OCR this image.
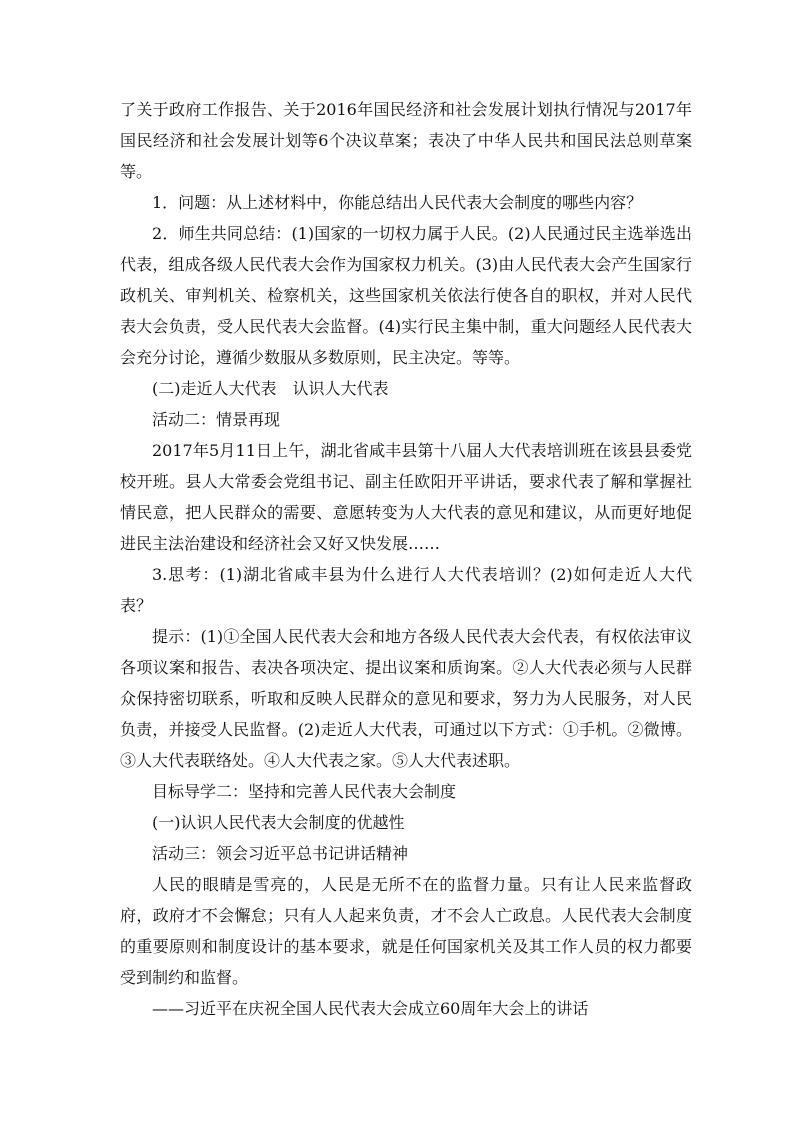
了关于政府工作报告、关于2016年国民经济和社会发展计划执行情况与2017年国民经济和社会发展计划等6个决议草案；表决了中华人民共和国民法总则草案等。

1．问题：从上述材料中，你能总结出人民代表大会制度的哪些内容？

2．师生共同总结：(1)国家的一切权力属于人民。(2)人民通过民主选举选出代表，组成各级人民代表大会作为国家权力机关。(3)由人民代表大会产生国家行政机关、审判机关、检察机关，这些国家机关依法行使各自的职权，并对人民代表大会负责，受人民代表大会监督。(4)实行民主集中制，重大问题经人民代表大会充分讨论，遵循少数服从多数原则，民主决定。等等。

(二)走近人大代表　认识人大代表

活动二：情景再现

2017年5月11日上午，湖北省咸丰县第十八届人大代表培训班在该县县委党校开班。县人大常委会党组书记、副主任欧阳开平讲话，要求代表了解和掌握社情民意，把人民群众的需要、意愿转变为人大代表的意见和建议，从而更好地促进民主法治建设和经济社会又好又快发展……

3.思考：(1)湖北省咸丰县为什么进行人大代表培训？(2)如何走近人大代表？

提示：(1)①全国人民代表大会和地方各级人民代表大会代表，有权依法审议各项议案和报告、表决各项决定、提出议案和质询案。②人大代表必须与人民群众保持密切联系，听取和反映人民群众的意见和要求，努力为人民服务，对人民负责，并接受人民监督。(2)走近人大代表，可通过以下方式：①手机。②微博。③人大代表联络处。④人大代表之家。⑤人大代表述职。

目标导学二：坚持和完善人民代表大会制度

(一)认识人民代表大会制度的优越性

活动三：领会习近平总书记讲话精神

人民的眼睛是雪亮的，人民是无所不在的监督力量。只有让人民来监督政府，政府才不会懈怠；只有人人起来负责，才不会人亡政息。人民代表大会制度的重要原则和制度设计的基本要求，就是任何国家机关及其工作人员的权力都要受到制约和监督。

——习近平在庆祝全国人民代表大会成立60周年大会上的讲话
